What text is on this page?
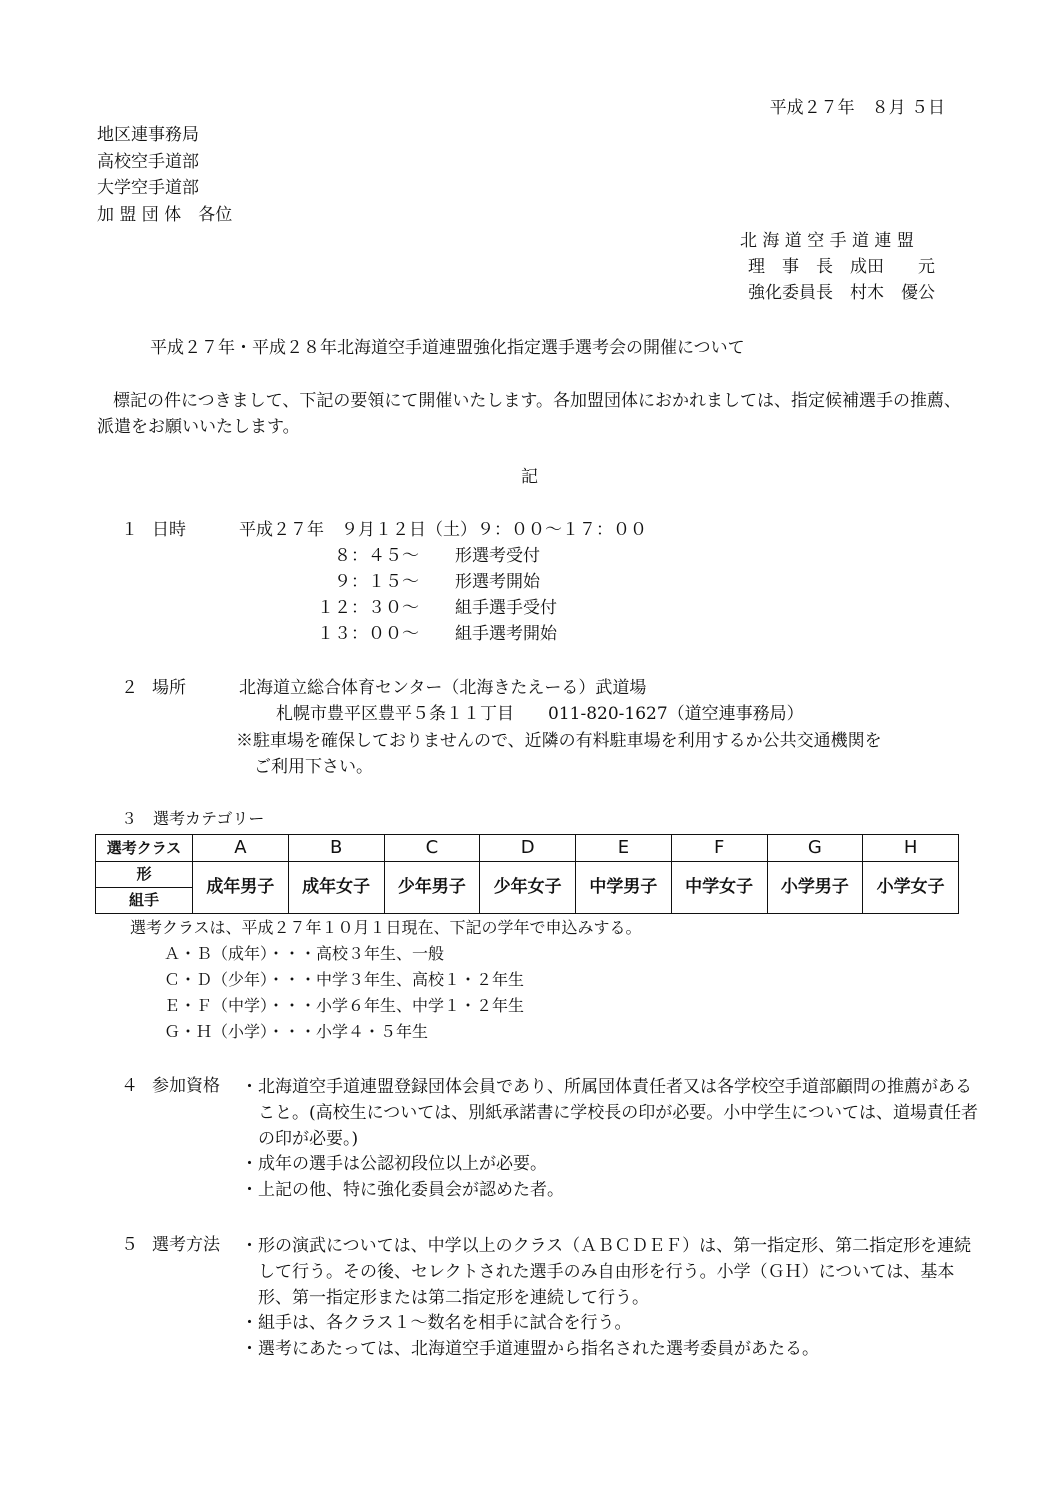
平成２７年　８月 ５日
地区連事務局
高校空手道部
大学空手道部
加 盟 団 体　各位
北 海 道 空 手 道 連 盟
理　事　長　成田　　元
強化委員長　村木　優公
平成２７年・平成２８年北海道空手道連盟強化指定選手選考会の開催について
標記の件につきまして、下記の要領にて開催いたします。各加盟団体におかれましては、指定候補選手の推薦、派遣をお願いいたします。
記
１ 日時	平成２７年　９月１２日（土）９：００～１７：００
８：４５～ 形選考受付
９：１５～ 形選考開始
１２：３０～ 組手選手受付
１３：００～ 組手選考開始
２ 場所	北海道立総合体育センター（北海きたえーる）武道場
札幌市豊平区豊平５条１１丁目　　011-820-1627（道空連事務局）
※駐車場を確保しておりませんので、近隣の有料駐車場を利用するか公共交通機関を
ご利用下さい。
３　選考カテゴリー
選考クラス	A	B	C	D	E	F	G	H
形	成年男子	成年女子	少年男子	少年女子	中学男子	中学女子	小学男子	小学女子
組手								
選考クラスは、平成２７年１０月１日現在、下記の学年で申込みする。
Ａ・Ｂ（成年）・・・高校３年生、一般
Ｃ・Ｄ（少年）・・・中学３年生、高校１・２年生
Ｅ・Ｆ（中学）・・・小学６年生、中学１・２年生
Ｇ・Ｈ（小学）・・・小学４・５年生
４ 参加資格 ・北海道空手道連盟登録団体会員であり、所属団体責任者又は各学校空手道部顧問の推薦があること。(高校生については、別紙承諾書に学校長の印が必要。小中学生については、道場責任者の印が必要。)
・成年の選手は公認初段位以上が必要。
・上記の他、特に強化委員会が認めた者。
５ 選考方法 ・形の演武については、中学以上のクラス（ＡＢＣＤＥＦ）は、第一指定形、第二指定形を連続して行う。その後、セレクトされた選手のみ自由形を行う。小学（ＧＨ）については、基本形、第一指定形または第二指定形を連続して行う。
・組手は、各クラス１～数名を相手に試合を行う。
・選考にあたっては、北海道空手道連盟から指名された選考委員があたる。
